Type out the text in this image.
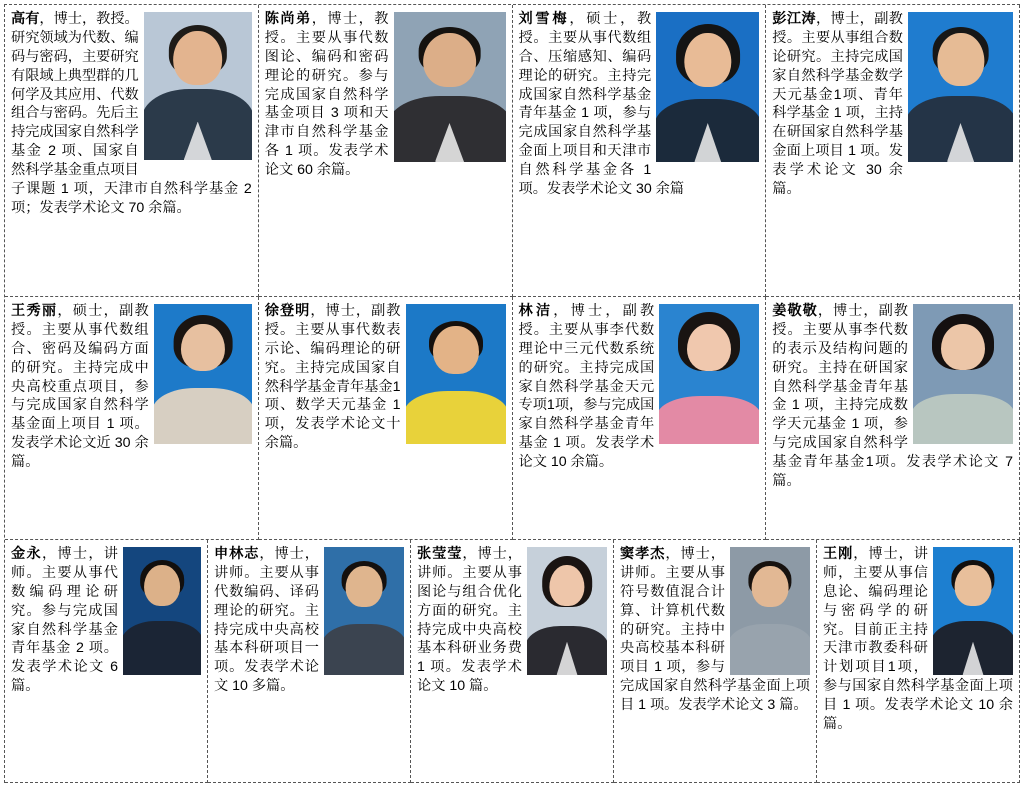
高有，博士，教授。研究领域为代数、编码与密码，主要研究有限域上典型群的几何学及其应用、代数组合与密码。先后主持完成国家自然科学基金 2 项、国家自然科学基金重点项目子课题 1 项，天津市自然科学基金 2 项；发表学术论文 70 余篇。
陈尚弟，博士，教授。主要从事代数图论、编码和密码理论的研究。参与完成国家自然科学基金项目 3 项和天津市自然科学基金各 1 项。发表学术论文 60 余篇。
刘雪梅，硕士，教授。主要从事代数组合、压缩感知、编码理论的研究。主持完成国家自然科学基金青年基金 1 项，参与完成国家自然科学基金面上项目和天津市自然科学基金各 1 项。发表学术论文 30 余篇
彭江涛，博士，副教授。主要从事组合数论研究。主持完成国家自然科学基金数学天元基金1项、青年科学基金 1 项，主持在研国家自然科学基金面上项目 1 项。发表学术论文 30 余篇。
王秀丽，硕士，副教授。主要从事代数组合、密码及编码方面的研究。主持完成中央高校重点项目，参与完成国家自然科学基金面上项目 1 项。发表学术论文近 30 余篇。
徐登明，博士，副教授。主要从事代数表示论、编码理论的研究。主持完成国家自然科学基金青年基金1项、数学天元基金 1 项，发表学术论文十余篇。
林洁，博士，副教授。主要从事李代数理论中三元代数系统的研究。主持完成国家自然科学基金天元专项1项，参与完成国家自然科学基金青年基金 1 项。发表学术论文 10 余篇。
姜敬敬，博士，副教授。主要从事李代数的表示及结构问题的研究。主持在研国家自然科学基金青年基金 1 项，主持完成数学天元基金 1 项，参与完成国家自然科学基金青年基金1项。发表学术论文 7 篇。
金永，博士，讲师。主要从事代数编码理论研究。参与完成国家自然科学基金青年基金 2 项。发表学术论文 6 篇。
申林志，博士，讲师。主要从事代数编码、译码理论的研究。主持完成中央高校基本科研项目一项。发表学术论文 10 多篇。
张莹莹，博士，讲师。主要从事图论与组合优化方面的研究。主持完成中央高校基本科研业务费 1 项。发表学术论文 10 篇。
窦孝杰，博士，讲师。主要从事符号数值混合计算、计算机代数的研究。主持中央高校基本科研项目 1 项，参与完成国家自然科学基金面上项目 1 项。发表学术论文 3 篇。
王刚，博士，讲师，主要从事信息论、编码理论与密码学的研究。目前正主持天津市教委科研计划项目1项，参与国家自然科学基金面上项目 1 项。发表学术论文 10 余篇。
